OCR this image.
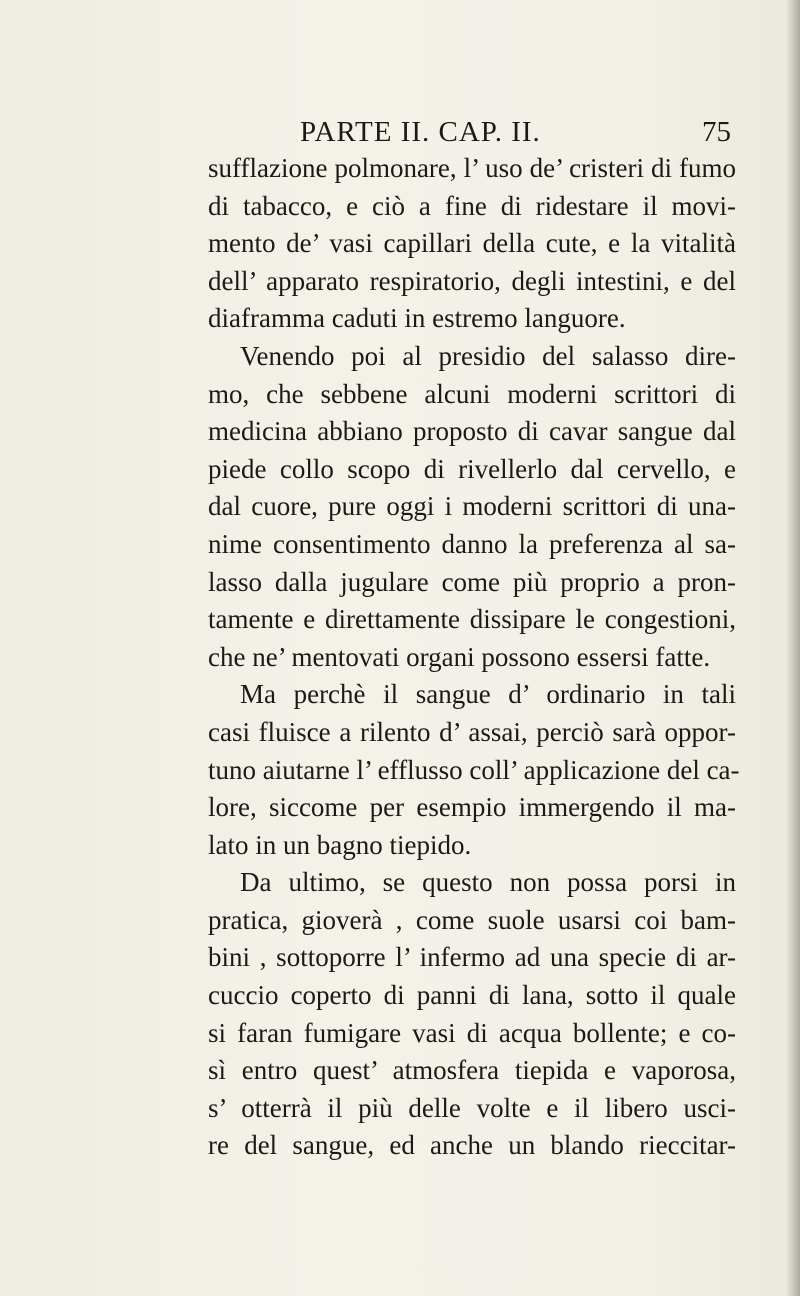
PARTE II. CAP. II.	75
sufflazione polmonare, l’ uso de’ cristeri di fumo
di tabacco, e ciò a fine di ridestare il movi-
mento de’ vasi capillari della cute, e la vitalità
dell’ apparato respiratorio, degli intestini, e del
diaframma caduti in estremo languore.
Venendo poi al presidio del salasso dire-
mo, che sebbene alcuni moderni scrittori di
medicina abbiano proposto di cavar sangue dal
piede collo scopo di rivellerlo dal cervello, e
dal cuore, pure oggi i moderni scrittori di una-
nime consentimento danno la preferenza al sa-
lasso dalla jugulare come più proprio a pron-
tamente e direttamente dissipare le congestioni,
che ne’ mentovati organi possono essersi fatte.
Ma perchè il sangue d’ ordinario in tali
casi fluisce a rilento d’ assai, perciò sarà oppor-
tuno aiutarne l’ efflusso coll’ applicazione del ca-
lore, siccome per esempio immergendo il ma-
lato in un bagno tiepido.
Da ultimo, se questo non possa porsi in
pratica, gioverà , come suole usarsi coi bam-
bini , sottoporre l’ infermo ad una specie di ar-
cuccio coperto di panni di lana, sotto il quale
si faran fumigare vasi di acqua bollente; e co-
sì entro quest’ atmosfera tiepida e vaporosa,
s’ otterrà il più delle volte e il libero usci-
re del sangue, ed anche un blando rieccitar-
